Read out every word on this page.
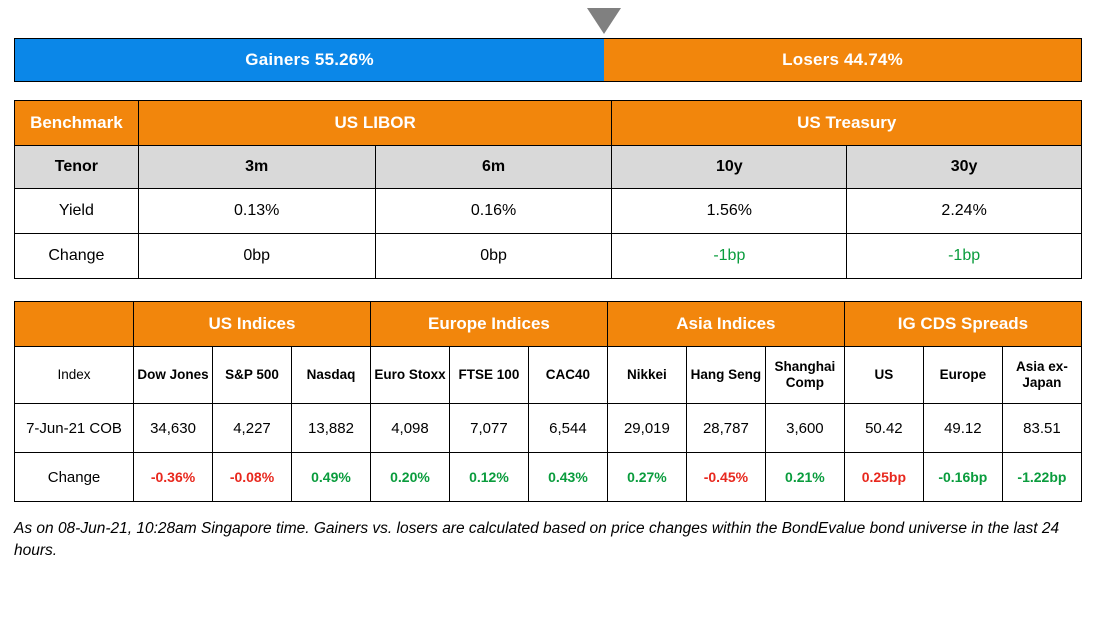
Gainers 55.26%	Losers 44.74%
Benchmark	US LIBOR		US Treasury	
Tenor	3m	6m	10y	30y
Yield	0.13%	0.16%	1.56%	2.24%
Change	0bp	0bp	-1bp	-1bp
	US Indices			Europe Indices			Asia Indices			IG CDS Spreads		
Index	Dow Jones	S&P 500	Nasdaq	Euro Stoxx	FTSE 100	CAC40	Nikkei	Hang Seng	Shanghai Comp	US	Europe	Asia ex-Japan
7-Jun-21 COB	34,630	4,227	13,882	4,098	7,077	6,544	29,019	28,787	3,600	50.42	49.12	83.51
Change	-0.36%	-0.08%	0.49%	0.20%	0.12%	0.43%	0.27%	-0.45%	0.21%	0.25bp	-0.16bp	-1.22bp
As on 08-Jun-21, 10:28am Singapore time. Gainers vs. losers are calculated based on price changes within the BondEvalue bond universe in the last 24 hours.
